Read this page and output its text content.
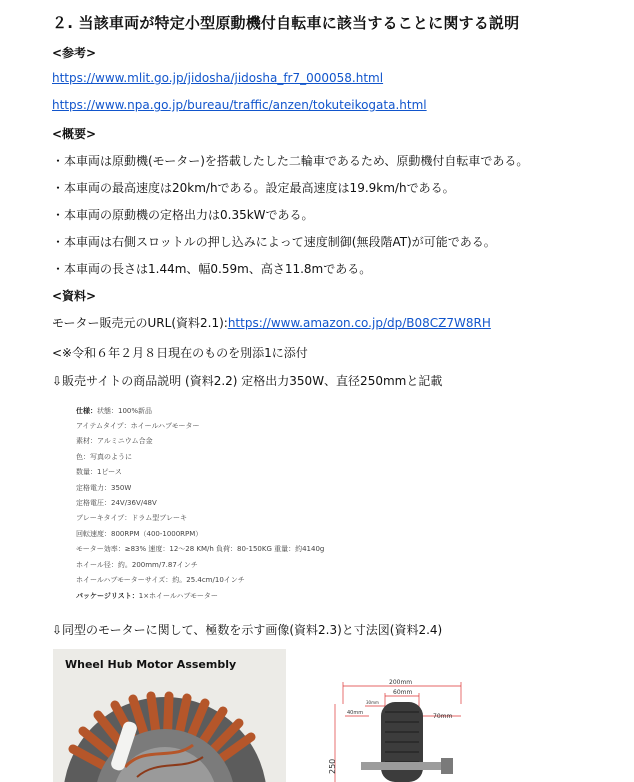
２. 当該車両が特定小型原動機付自転車に該当することに関する説明
<参考>
https://www.mlit.go.jp/jidosha/jidosha_fr7_000058.html
https://www.npa.go.jp/bureau/traffic/anzen/tokuteikogata.html
<概要>
・本車両は原動機(モーター)を搭載したした二輪車であるため、原動機付自転車である。
・本車両の最高速度は20km/hである。設定最高速度は19.9km/hである。
・本車両の原動機の定格出力は0.35kWである。
・本車両は右側スロットルの押し込みによって速度制御(無段階AT)が可能である。
・本車両の長さは1.44m、幅0.59m、高さ11.8mである。
<資料>
モーター販売元のURL(資料2.1):https://www.amazon.co.jp/dp/B08CZ7W8RH
<※令和６年２月８日現在のものを別添1に添付
⇩販売サイトの商品説明 (資料2.2) 定格出力350W、直径250mmと記載
仕様：状態：100%新品
アイテムタイプ：ホイールハブモーター
素材：アルミニウム合金
色：写真のように
数量：1ピース
定格電力：350W
定格電圧：24V/36V/48V
ブレーキタイプ：ドラム型ブレーキ
回転速度：800RPM（400-1000RPM）
モーター効率：≥83% 速度：12〜28 KM/h 負荷：80-150KG 重量：約4140g
ホイール径：約。200mm/7.87インチ
ホイールハブモーターサイズ：約。25.4cm/10インチ
パッケージリスト：1×ホイールハブモーター
⇩同型のモーターに関して、極数を示す画像(資料2.3)と寸法図(資料2.4)
Wheel Hub Motor Assembly
200mm
60mm
40mm
30mm
70mm
250
